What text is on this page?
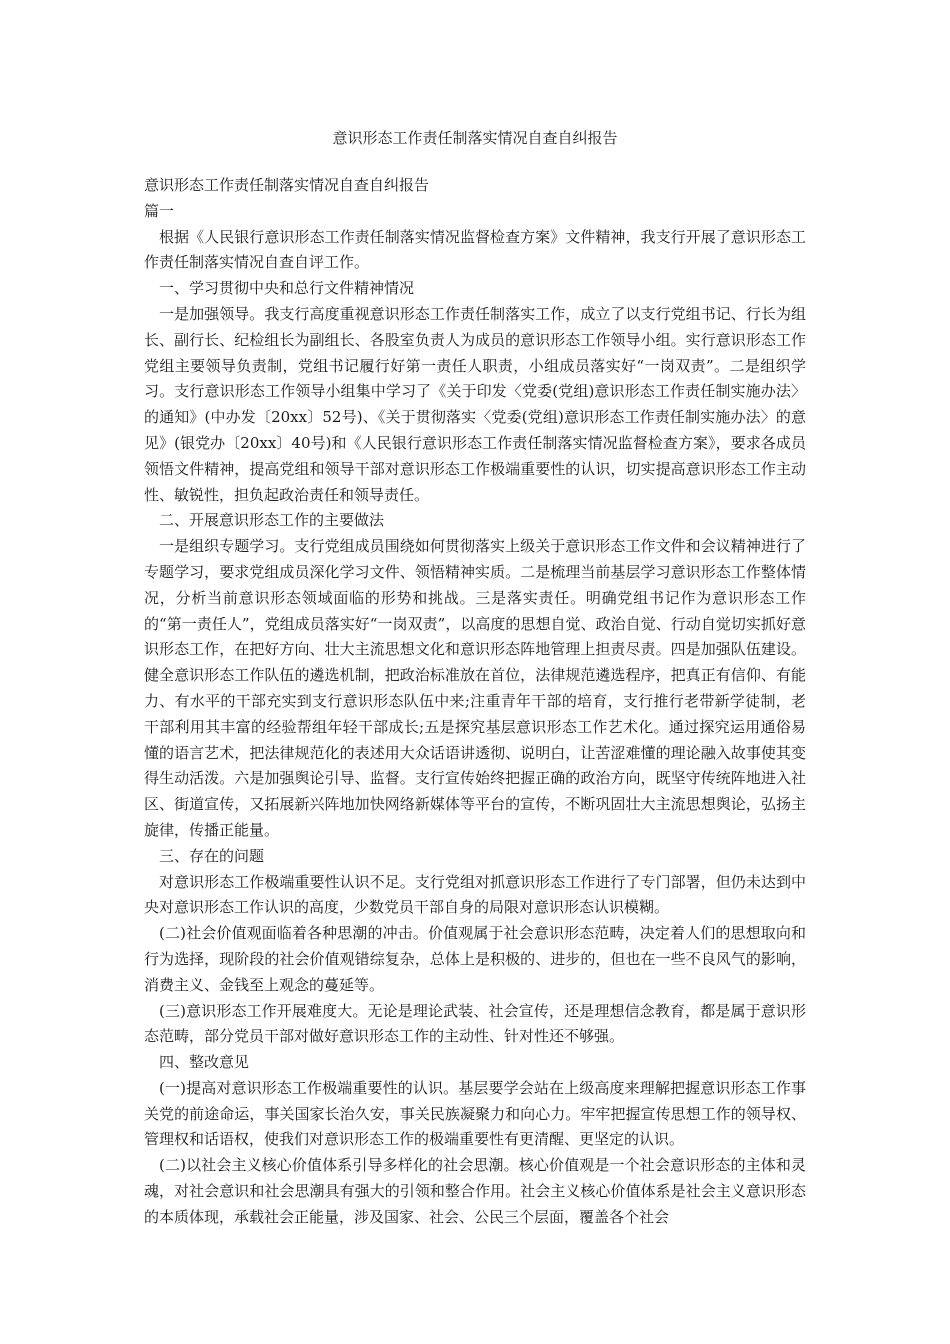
意识形态工作责任制落实情况自查自纠报告

意识形态工作责任制落实情况自查自纠报告

篇一

根据《人民银行意识形态工作责任制落实情况监督检查方案》文件精神，我支行开展了意识形态工作责任制落实情况自查自评工作。

一、学习贯彻中央和总行文件精神情况

一是加强领导。我支行高度重视意识形态工作责任制落实工作，成立了以支行党组书记、行长为组长、副行长、纪检组长为副组长、各股室负责人为成员的意识形态工作领导小组。实行意识形态工作党组主要领导负责制，党组书记履行好第一责任人职责，小组成员落实好“一岗双责”。二是组织学习。支行意识形态工作领导小组集中学习了《关于印发〈党委(党组)意识形态工作责任制实施办法〉的通知》(中办发〔20xx〕52号)、《关于贯彻落实〈党委(党组)意识形态工作责任制实施办法〉的意见》(银党办〔20xx〕40号)和《人民银行意识形态工作责任制落实情况监督检查方案》，要求各成员领悟文件精神，提高党组和领导干部对意识形态工作极端重要性的认识，切实提高意识形态工作主动性、敏锐性，担负起政治责任和领导责任。

二、开展意识形态工作的主要做法

一是组织专题学习。支行党组成员围绕如何贯彻落实上级关于意识形态工作文件和会议精神进行了专题学习，要求党组成员深化学习文件、领悟精神实质。二是梳理当前基层学习意识形态工作整体情况，分析当前意识形态领域面临的形势和挑战。三是落实责任。明确党组书记作为意识形态工作的“第一责任人”，党组成员落实好“一岗双责”，以高度的思想自觉、政治自觉、行动自觉切实抓好意识形态工作，在把好方向、壮大主流思想文化和意识形态阵地管理上担责尽责。四是加强队伍建设。健全意识形态工作队伍的遴选机制，把政治标准放在首位，法律规范遴选程序，把真正有信仰、有能力、有水平的干部充实到支行意识形态队伍中来;注重青年干部的培育，支行推行老带新学徒制，老干部利用其丰富的经验帮组年轻干部成长;五是探究基层意识形态工作艺术化。通过探究运用通俗易懂的语言艺术，把法律规范化的表述用大众话语讲透彻、说明白，让苦涩难懂的理论融入故事使其变得生动活泼。六是加强舆论引导、监督。支行宣传始终把握正确的政治方向，既坚守传统阵地进入社区、街道宣传，又拓展新兴阵地加快网络新媒体等平台的宣传，不断巩固壮大主流思想舆论，弘扬主旋律，传播正能量。

三、存在的问题

对意识形态工作极端重要性认识不足。支行党组对抓意识形态工作进行了专门部署，但仍未达到中央对意识形态工作认识的高度，少数党员干部自身的局限对意识形态认识模糊。

(二)社会价值观面临着各种思潮的冲击。价值观属于社会意识形态范畴，决定着人们的思想取向和行为选择，现阶段的社会价值观错综复杂，总体上是积极的、进步的，但也在一些不良风气的影响，消费主义、金钱至上观念的蔓延等。

(三)意识形态工作开展难度大。无论是理论武装、社会宣传，还是理想信念教育，都是属于意识形态范畴，部分党员干部对做好意识形态工作的主动性、针对性还不够强。

四、整改意见

(一)提高对意识形态工作极端重要性的认识。基层要学会站在上级高度来理解把握意识形态工作事关党的前途命运，事关国家长治久安，事关民族凝聚力和向心力。牢牢把握宣传思想工作的领导权、管理权和话语权，使我们对意识形态工作的极端重要性有更清醒、更坚定的认识。

(二)以社会主义核心价值体系引导多样化的社会思潮。核心价值观是一个社会意识形态的主体和灵魂，对社会意识和社会思潮具有强大的引领和整合作用。社会主义核心价值体系是社会主义意识形态的本质体现，承载社会正能量，涉及国家、社会、公民三个层面，覆盖各个社会
